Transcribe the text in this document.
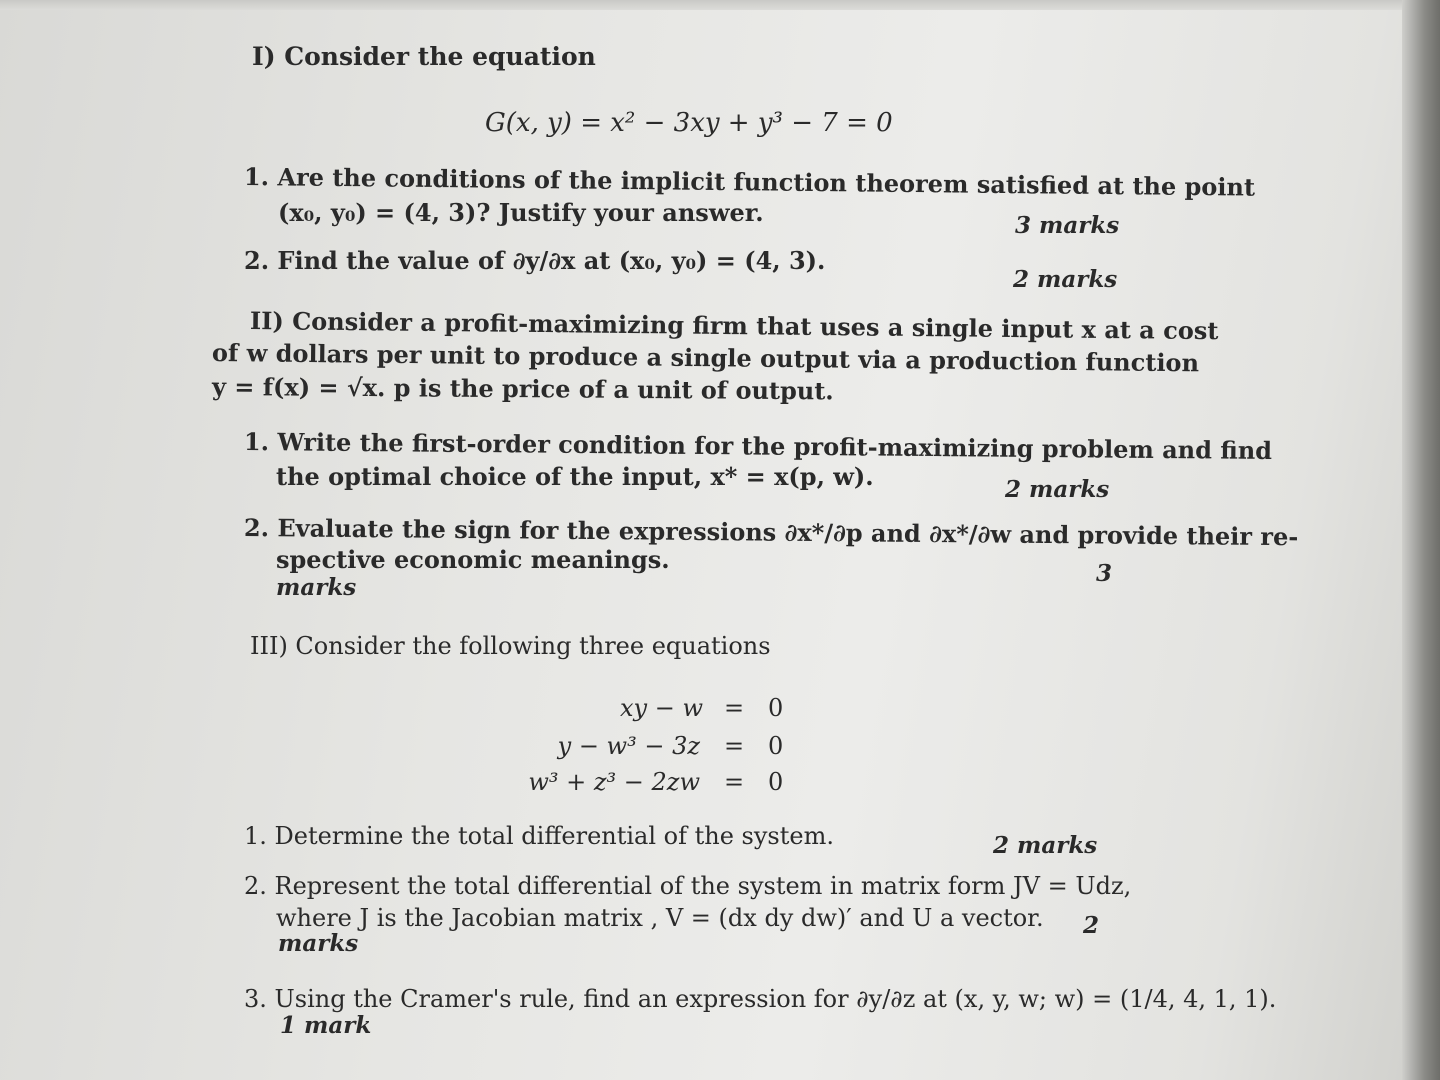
I) Consider the equation
G(x, y) = x² − 3xy + y³ − 7 = 0
1. Are the conditions of the implicit function theorem satisfied at the point
(x₀, y₀) = (4, 3)? Justify your answer.	3 marks
2. Find the value of ∂y/∂x at (x₀, y₀) = (4, 3).
2 marks
II) Consider a profit-maximizing firm that uses a single input x at a cost
of w dollars per unit to produce a single output via a production function
y = f(x) = √x. p is the price of a unit of output.
1. Write the first-order condition for the profit-maximizing problem and find
the optimal choice of the input, x* = x(p, w).	2 marks
2. Evaluate the sign for the expressions ∂x*/∂p and ∂x*/∂w and provide their re-
spective economic meanings.	3
marks
III) Consider the following three equations
xy − w = 0
y − w³ − 3z = 0
w³ + z³ − 2zw = 0
1. Determine the total differential of the system.	2 marks
2. Represent the total differential of the system in matrix form JV = Udz,
where J is the Jacobian matrix , V = (dx dy dw)′ and U a vector. 2
marks
3. Using the Cramer's rule, find an expression for ∂y/∂z at (x, y, w; w) = (1/4, 4, 1, 1).
1 mark
